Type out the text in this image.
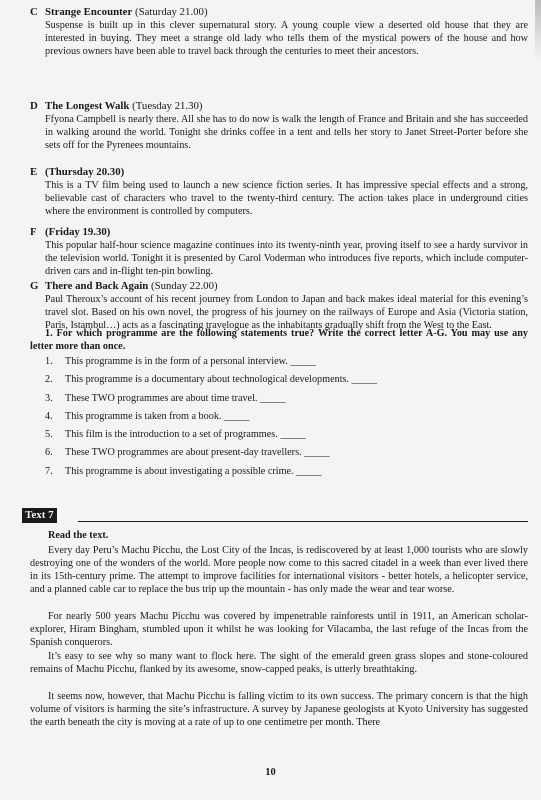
C Strange Encounter (Saturday 21.00)

Suspense is built up in this clever supernatural story. A young couple view a deserted old house that they are interested in buying. They meet a strange old lady who tells them of the mystical powers of the house and how previous owners have been able to travel back through the centuries to meet their ancestors.

D The Longest Walk (Tuesday 21.30)

Ffyona Campbell is nearly there. All she has to do now is walk the length of France and Britain and she has succeeded in walking around the world. Tonight she drinks coffee in a tent and tells her story to Janet Street-Porter before she sets off for the Pyrenees mountains.

E (Thursday 20.30)

This is a TV film being used to launch a new science fiction series. It has impressive special effects and a strong, believable cast of characters who travel to the twenty-third century. The action takes place in underground cities where the environment is controlled by computers.

F (Friday 19.30)

This popular half-hour science magazine continues into its twenty-ninth year, proving itself to see a hardy survivor in the television world. Tonight it is presented by Carol Voderman who introduces five reports, which include computer-driven cars and in-flight ten-pin bowling.

G There and Back Again (Sunday 22.00)

Paul Theroux’s account of his recent journey from London to Japan and back makes ideal material for this evening’s travel slot. Based on his own novel, the progress of his journey on the railways of Europe and Asia (Victoria station, Paris, Istambul…) acts as a fascinating travelogue as the inhabitants gradually shift from the West to the East.

1. For which programme are the following statements true? Write the correct letter A-G. You may use any letter more than once.
1. This programme is in the form of a personal interview. _____
2. This programme is a documentary about technological developments. _____
3. These TWO programmes are about time travel. _____
4. This programme is taken from a book. _____
5. This film is the introduction to a set of programmes. _____
6. These TWO programmes are about present-day travellers. _____
7. This programme is about investigating a possible crime. _____
Text 7
Read the text.

Every day Peru’s Machu Picchu, the Lost City of the Incas, is rediscovered by at least 1,000 tourists who are slowly destroying one of the wonders of the world. More people now come to this sacred citadel in a week than ever lived there in its 15th-century prime. The attempt to improve facilities for international visitors - better hotels, a helicopter service, and a planned cable car to replace the bus trip up the mountain - has only made the wear and tear worse.

For nearly 500 years Machu Picchu was covered by impenetrable rainforests until in 1911, an American scholar-explorer, Hiram Bingham, stumbled upon it whilst he was looking for Vilacamba, the last refuge of the Incas from the Spanish conquerors.

It’s easy to see why so many want to flock here. The sight of the emerald green grass slopes and stone-coloured remains of Machu Picchu, flanked by its awesome, snow-capped peaks, is utterly breathtaking.

It seems now, however, that Machu Picchu is falling victim to its own success. The primary concern is that the high volume of visitors is harming the site’s infrastructure. A survey by Japanese geologists at Kyoto University has suggested the earth beneath the city is moving at a rate of up to one centimetre per month. There

10
